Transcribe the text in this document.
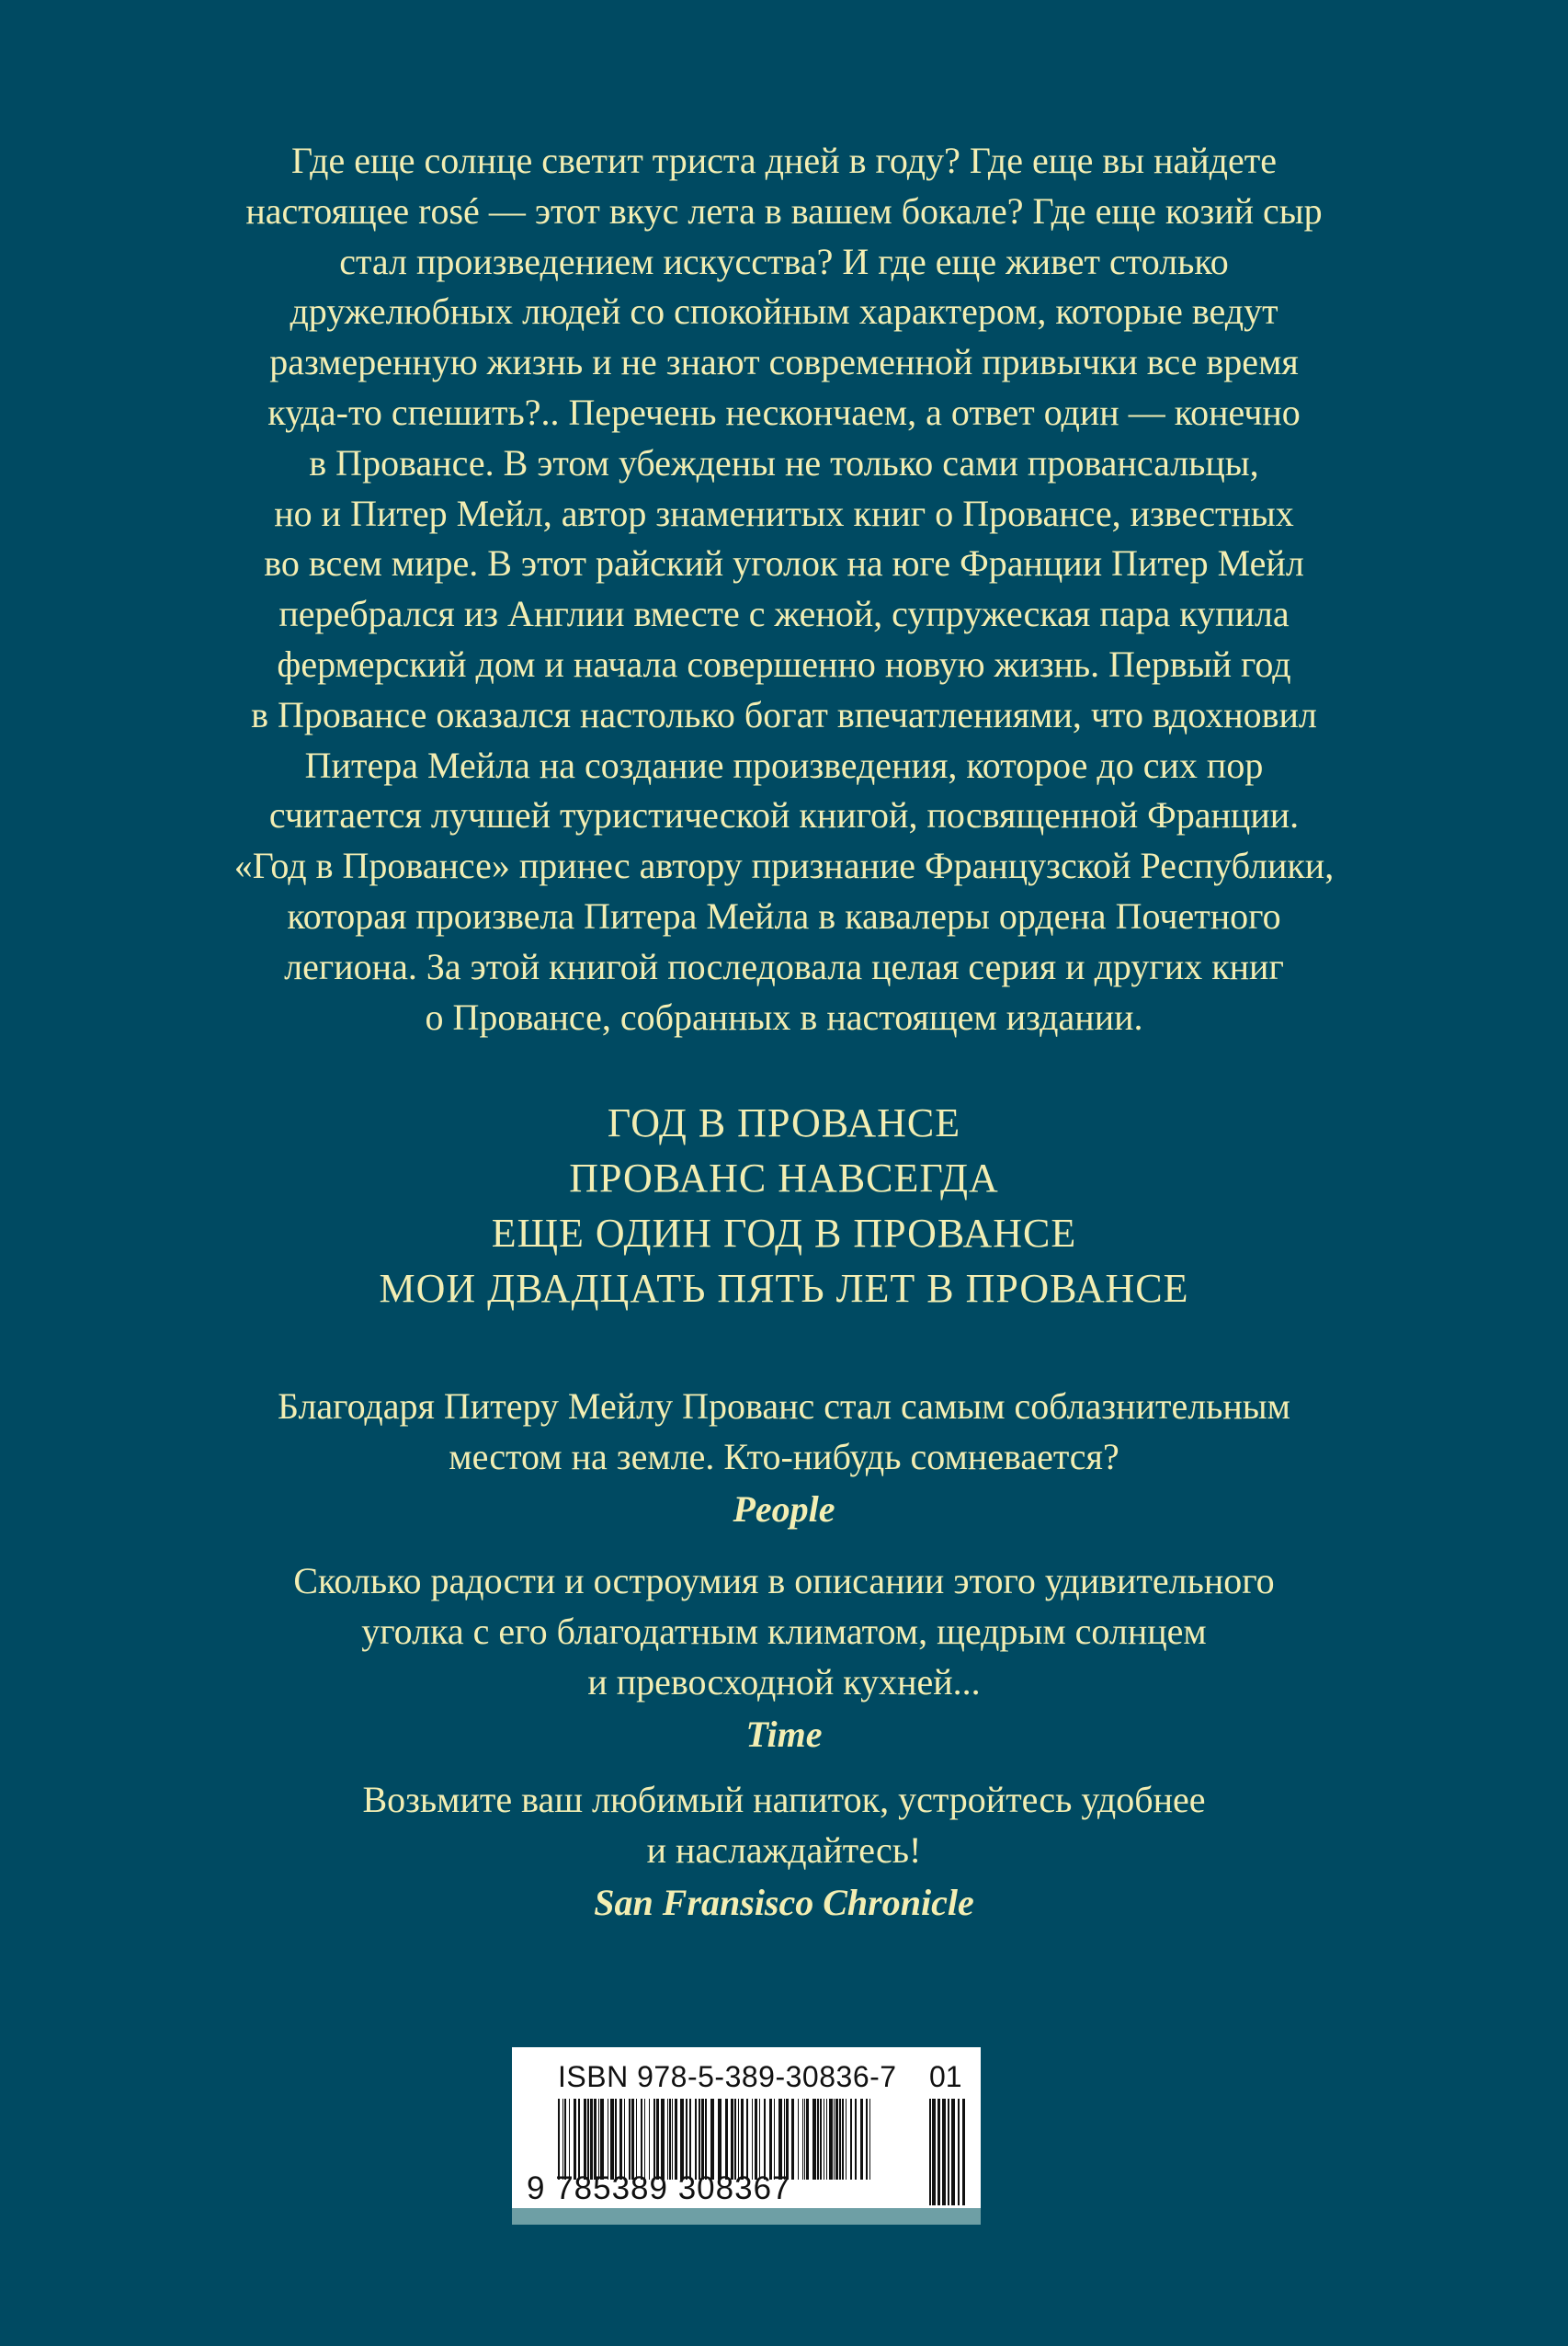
Где еще солнце светит триста дней в году? Где еще вы найдете
настоящее rosé — этот вкус лета в вашем бокале? Где еще козий сыр
стал произведением искусства? И где еще живет столько
дружелюбных людей со спокойным характером, которые ведут
размеренную жизнь и не знают современной привычки все время
куда-то спешить?.. Перечень нескончаем, а ответ один — конечно
в Провансе. В этом убеждены не только сами провансальцы,
но и Питер Мейл, автор знаменитых книг о Провансе, известных
во всем мире. В этот райский уголок на юге Франции Питер Мейл
перебрался из Англии вместе с женой, супружеская пара купила
фермерский дом и начала совершенно новую жизнь. Первый год
в Провансе оказался настолько богат впечатлениями, что вдохновил
Питера Мейла на создание произведения, которое до сих пор
считается лучшей туристической книгой, посвященной Франции.
«Год в Провансе» принес автору признание Французской Республики,
которая произвела Питера Мейла в кавалеры ордена Почетного
легиона. За этой книгой последовала целая серия и других книг
о Провансе, собранных в настоящем издании.
ГОД В ПРОВАНСЕ
ПРОВАНС НАВСЕГДА
ЕЩЕ ОДИН ГОД В ПРОВАНСЕ
МОИ ДВАДЦАТЬ ПЯТЬ ЛЕТ В ПРОВАНСЕ
Благодаря Питеру Мейлу Прованс стал самым соблазнительным
местом на земле. Кто-нибудь сомневается?
People
Сколько радости и остроумия в описании этого удивительного
уголка с его благодатным климатом, щедрым солнцем
и превосходной кухней...
Time
Возьмите ваш любимый напиток, устройтесь удобнее
и наслаждайтесь!
San Fransisco Chronicle
ISBN 978-5-389-30836-7 01
9 785389 308367
